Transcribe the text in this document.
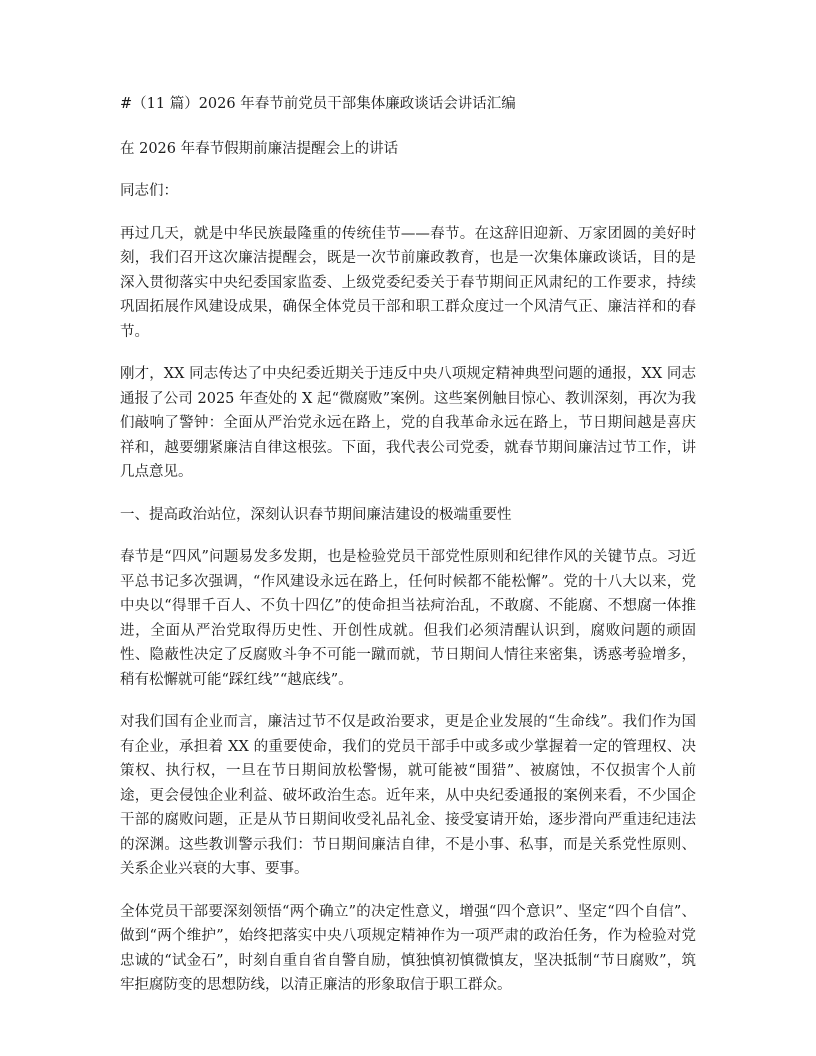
#（11 篇）2026 年春节前党员干部集体廉政谈话会讲话汇编

在 2026 年春节假期前廉洁提醒会上的讲话

同志们：

再过几天，就是中华民族最隆重的传统佳节——春节。在这辞旧迎新、万家团圆的美好时刻，我们召开这次廉洁提醒会，既是一次节前廉政教育，也是一次集体廉政谈话，目的是深入贯彻落实中央纪委国家监委、上级党委纪委关于春节期间正风肃纪的工作要求，持续巩固拓展作风建设成果，确保全体党员干部和职工群众度过一个风清气正、廉洁祥和的春节。

刚才，XX 同志传达了中央纪委近期关于违反中央八项规定精神典型问题的通报，XX 同志通报了公司 2025 年查处的 X 起“微腐败”案例。这些案例触目惊心、教训深刻，再次为我们敲响了警钟：全面从严治党永远在路上，党的自我革命永远在路上，节日期间越是喜庆祥和，越要绷紧廉洁自律这根弦。下面，我代表公司党委，就春节期间廉洁过节工作，讲几点意见。

一、提高政治站位，深刻认识春节期间廉洁建设的极端重要性

春节是“四风”问题易发多发期，也是检验党员干部党性原则和纪律作风的关键节点。习近平总书记多次强调，“作风建设永远在路上，任何时候都不能松懈”。党的十八大以来，党中央以“得罪千百人、不负十四亿”的使命担当祛疴治乱，不敢腐、不能腐、不想腐一体推进，全面从严治党取得历史性、开创性成就。但我们必须清醒认识到，腐败问题的顽固性、隐蔽性决定了反腐败斗争不可能一蹴而就，节日期间人情往来密集，诱惑考验增多，稍有松懈就可能“踩红线”“越底线”。

对我们国有企业而言，廉洁过节不仅是政治要求，更是企业发展的“生命线”。我们作为国有企业，承担着 XX 的重要使命，我们的党员干部手中或多或少掌握着一定的管理权、决策权、执行权，一旦在节日期间放松警惕，就可能被“围猎”、被腐蚀，不仅损害个人前途，更会侵蚀企业利益、破坏政治生态。近年来，从中央纪委通报的案例来看，不少国企干部的腐败问题，正是从节日期间收受礼品礼金、接受宴请开始，逐步滑向严重违纪违法的深渊。这些教训警示我们：节日期间廉洁自律，不是小事、私事，而是关系党性原则、关系企业兴衰的大事、要事。

全体党员干部要深刻领悟“两个确立”的决定性意义，增强“四个意识”、坚定“四个自信”、做到“两个维护”，始终把落实中央八项规定精神作为一项严肃的政治任务，作为检验对党忠诚的“试金石”，时刻自重自省自警自励，慎独慎初慎微慎友，坚决抵制“节日腐败”，筑牢拒腐防变的思想防线，以清正廉洁的形象取信于职工群众。
